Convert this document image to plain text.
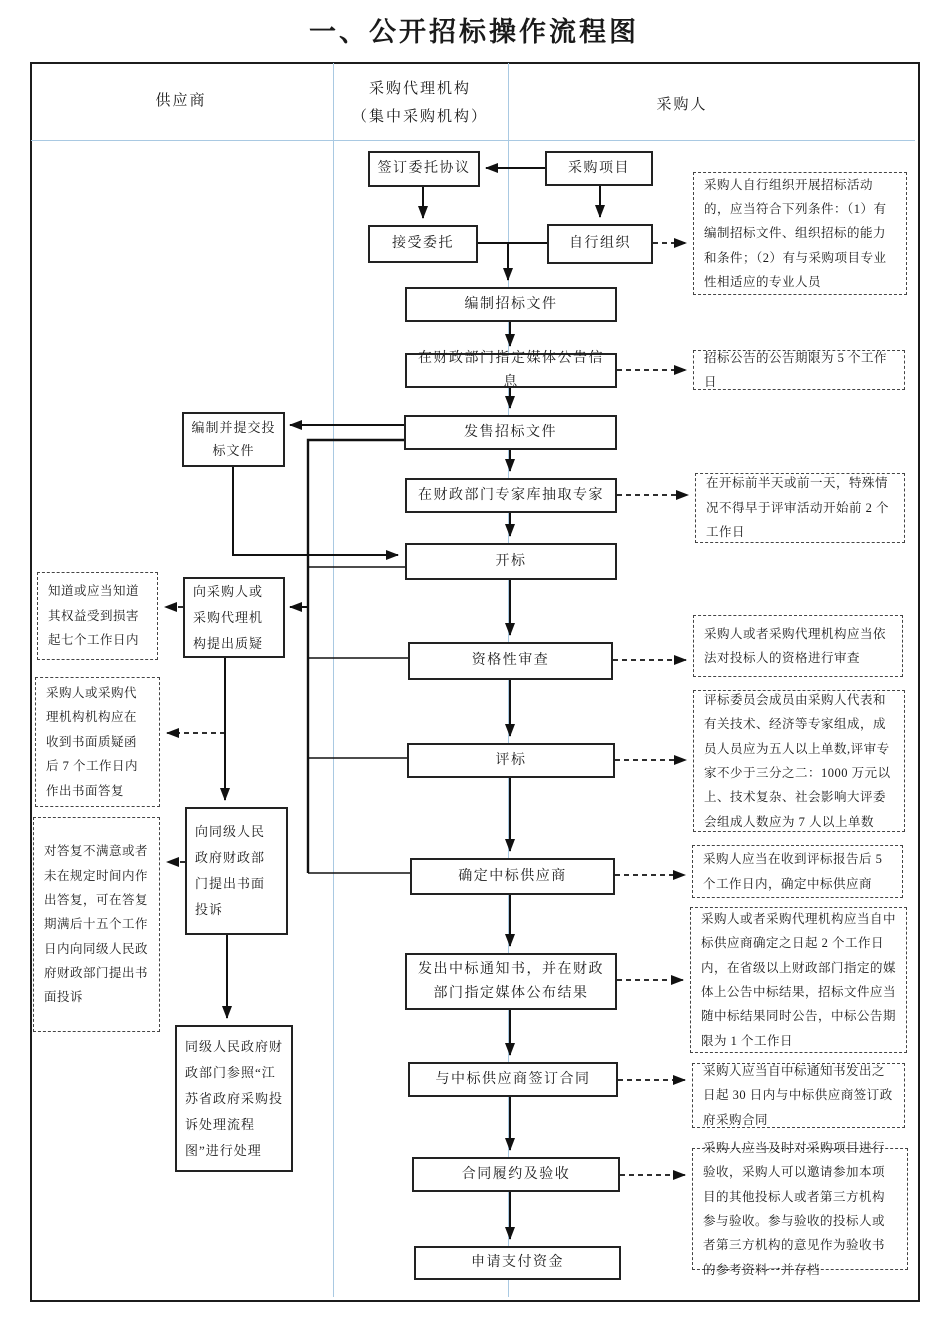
一、公开招标操作流程图
供应商
采购代理机构
（集中采购机构）
采购人
签订委托协议	采购项目
接受委托	自行组织
编制招标文件
在财政部门指定媒体公告信息
发售招标文件
在财政部门专家库抽取专家
开标
资格性审查
评标
确定中标供应商
发出中标通知书，并在财政部门指定媒体公布结果
与中标供应商签订合同
合同履约及验收
申请支付资金
编制并提交投标文件
向采购人或采购代理机构提出质疑
向同级人民政府财政部门提出书面投诉
同级人民政府财政部门参照“江苏省政府采购投诉处理流程图”进行处理
知道或应当知道其权益受到损害起七个工作日内
采购人或采购代理机构机构应在收到书面质疑函后 7 个工作日内作出书面答复
对答复不满意或者未在规定时间内作出答复，可在答复期满后十五个工作日内向同级人民政府财政部门提出书面投诉
采购人自行组织开展招标活动的，应当符合下列条件：（1）有编制招标文件、组织招标的能力和条件；（2）有与采购项目专业性相适应的专业人员
招标公告的公告期限为 5 个工作日
在开标前半天或前一天，特殊情况不得早于评审活动开始前 2 个工作日
采购人或者采购代理机构应当依法对投标人的资格进行审查
评标委员会成员由采购人代表和有关技术、经济等专家组成，成员人员应为五人以上单数,评审专家不少于三分之二：1000 万元以上、技术复杂、社会影响大评委会组成人数应为 7 人以上单数
采购人应当在收到评标报告后 5 个工作日内，确定中标供应商
采购人或者采购代理机构应当自中标供应商确定之日起 2 个工作日内，在省级以上财政部门指定的媒体上公告中标结果，招标文件应当随中标结果同时公告，中标公告期限为 1 个工作日
采购人应当自中标通知书发出之日起 30 日内与中标供应商签订政府采购合同
采购人应当及时对采购项目进行验收，采购人可以邀请参加本项目的其他投标人或者第三方机构参与验收。参与验收的投标人或者第三方机构的意见作为验收书的参考资料一并存档
